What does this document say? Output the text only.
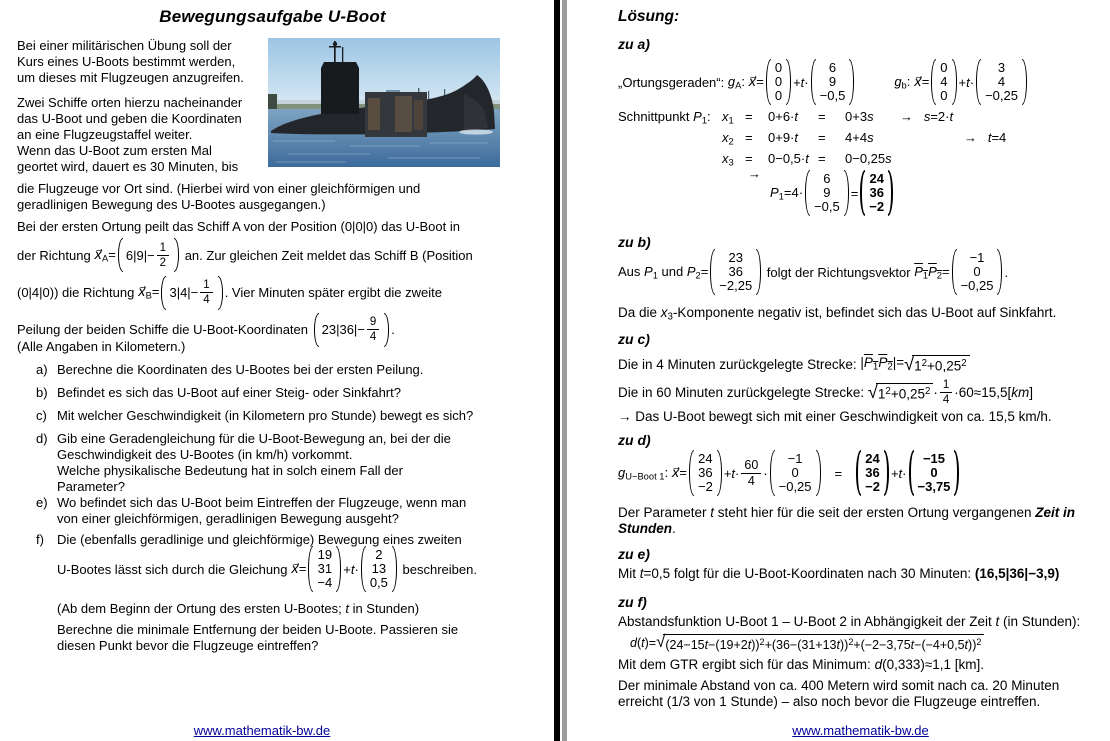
Bewegungsaufgabe U-Boot

Bei einer militärischen Übung soll der
Kurs eines U-Boots bestimmt werden,
um dieses mit Flugzeugen anzugreifen.

Zwei Schiffe orten hierzu nacheinander
das U-Boot und geben die Koordinaten
an eine Flugzeugstaffel weiter.

Wenn das U-Boot zum ersten Mal
geortet wird, dauert es 30 Minuten, bis

die Flugzeuge vor Ort sind. (Hierbei wird von einer gleichförmigen und
geradlinigen Bewegung des U-Bootes ausgegangen.)

Bei der ersten Ortung peilt das Schiff A von der Position (0|0|0) das U-Boot in
der Richtung $x⃗_A= 6|9|- \frac{1}{2}$ an. Zur gleichen Zeit meldet das Schiff B (Position
(0|4|0)) die Richtung $x⃗_B= 3|4|- \frac{1}{4}$ . Vier Minuten später ergibt die zweite
Peilung der beiden Schiffe die U-Boot-Koordinaten $23|36|- \frac{9}{4}$ .

(Alle Angaben in Kilometern.)

a) Berechne die Koordinaten des U-Bootes bei der ersten Peilung.

b) Befindet es sich das U-Boot auf einer Steig- oder Sinkfahrt?

c) Mit welcher Geschwindigkeit (in Kilometern pro Stunde) bewegt es sich?

d) Gib eine Geradengleichung für die U-Boot-Bewegung an, bei der die
Geschwindigkeit des U-Bootes (in km/h) vorkommt.
Welche physikalische Bedeutung hat in solch einem Fall der
Parameter?

e) Wo befindet sich das U-Boot beim Eintreffen der Flugzeuge, wenn man
von einer gleichförmigen, geradlinigen Bewegung ausgeht?

f)	Die (ebenfalls geradlinige und gleichförmige) Bewegung eines zweiten

U-Bootes lässt sich durch die Gleichung x⃗=
19
31
−4
+t·
2
13
0,5
beschreiben.

(Ab dem Beginn der Ortung des ersten U-Bootes; t in Stunden)

Berechne die minimale Entfernung der beiden U-Boote. Passieren sie
diesen Punkt bevor die Flugzeuge eintreffen?

www.mathematik-bw.de

Lösung:
zu a)
„Ortungsgeraden“: $g_A$: x⃗=
0
0
0
+t·
6
9
−0,5
$g_b$: x⃗=
0
4
0
+t·
3
4
−0,25
Schnittpunkt $P_1$: $x_1$ =	0+6·t	=	0+3s	→   s=2·t
$x_2$ =	0+9·t	=	4+4s	→   t=4
$x_3$ =	0−0,5·t =	0−0,25s
→
$P_1=4\cdot$
6
9
−0,5
=
24
36
−2
zu b)
Aus $P_1$ und $P_2=$
23
36
−2,25
folgt der Richtungsvektor $P_1P_2=$
−1
0
−0,25
.

Da die $x_3$-Komponente negativ ist, befindet sich das U-Boot auf Sinkfahrt.

zu c)
Die in 4 Minuten zurückgelegte Strecke: $|P_1P_2|=$ √ $1^2+0,25^2$
Die in 60 Minuten zurückgelegte Strecke: √ $1^2+0,25^2 \cdot \frac{1}{4} \cdot 60\approx 15,5[km]$

→ Das U-Boot bewegt sich mit einer Geschwindigkeit von ca. 15,5 km/h.

zu d)
$g_{U-Boot 1}$: x⃗=
24
36
−2
$+t\cdot \frac{60}{4}$ ·
−1
0
−0,25
=
24
36
−2
+t·
−15
0
−3,75

Der Parameter t steht hier für die seit der ersten Ortung vergangenen Zeit in Stunden.

zu e)

Mit t=0,5 folgt für die U-Boot-Koordinaten nach 30 Minuten: (16,5|36|−3,9)

zu f)

Abstandsfunktion U-Boot 1 – U-Boot 2 in Abhängigkeit der Zeit t (in Stunden):

d(t)= √ $(24-15t-(19+2t))^2+(36-(31+13t))^2+(-2-3,75t-(-4+0,5t))^2$

Mit dem GTR ergibt sich für das Minimum: d(0,333)≈1,1 [km].

Der minimale Abstand von ca. 400 Metern wird somit nach ca. 20 Minuten
erreicht (1/3 von 1 Stunde) – also noch bevor die Flugzeuge eintreffen.

www.mathematik-bw.de
